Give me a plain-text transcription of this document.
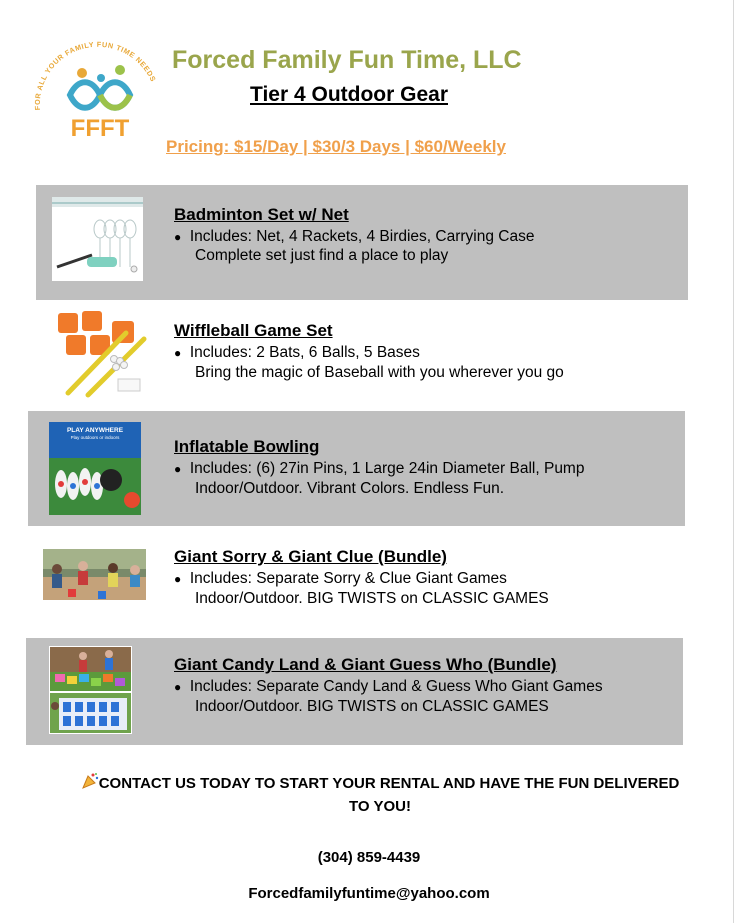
FOR ALL YOUR FAMILY FUN TIME NEEDS
FFFT
Forced Family Fun Time, LLC
Tier 4 Outdoor Gear
Pricing: $15/Day | $30/3 Days | $60/Weekly
Badminton Set w/ Net
● Includes: Net, 4 Rackets, 4 Birdies, Carrying Case
Complete set just find a place to play
Wiffleball Game Set
● Includes: 2 Bats, 6 Balls, 5 Bases
Bring the magic of Baseball with you wherever you go
PLAY ANYWHERE
Play outdoors or indoors	Inflatable Bowling
● Includes: (6) 27in Pins, 1 Large 24in Diameter Ball, Pump
Indoor/Outdoor. Vibrant Colors. Endless Fun.
Giant Sorry & Giant Clue (Bundle)
● Includes: Separate Sorry & Clue Giant Games
Indoor/Outdoor. BIG TWISTS on CLASSIC GAMES
Giant Candy Land & Giant Guess Who (Bundle)
● Includes: Separate Candy Land & Guess Who Giant Games
Indoor/Outdoor. BIG TWISTS on CLASSIC GAMES
CONTACT US TODAY TO START YOUR RENTAL AND HAVE THE FUN DELIVERED TO YOU!
(304) 859-4439
Forcedfamilyfuntime@yahoo.com
